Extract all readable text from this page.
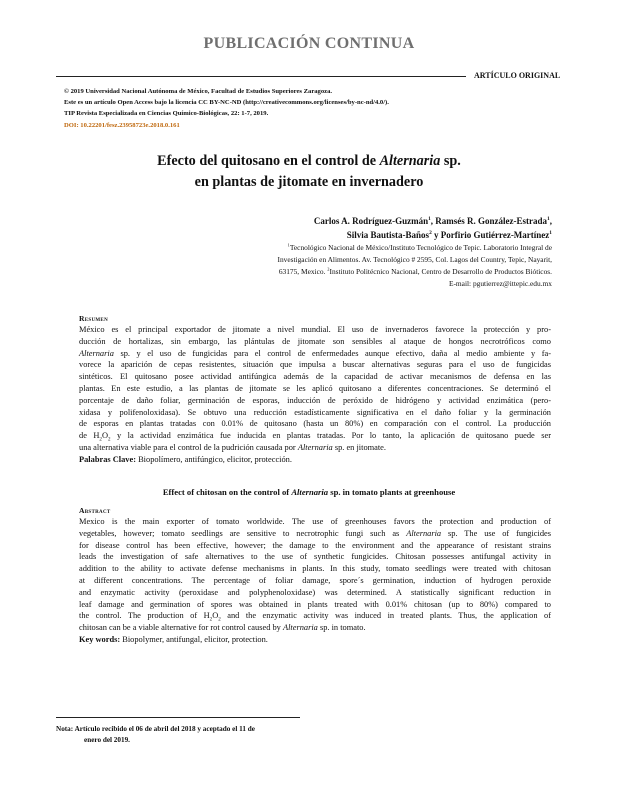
PUBLICACIÓN CONTINUA
ARTÍCULO ORIGINAL
© 2019 Universidad Nacional Autónoma de México, Facultad de Estudios Superiores Zaragoza.
Este es un artículo Open Access bajo la licencia CC BY-NC-ND (http://creativecommons.org/licenses/by-nc-nd/4.0/).
TIP Revista Especializada en Ciencias Químico-Biológicas, 22: 1-7, 2019.
DOI: 10.22201/fesz.23958723e.2018.0.161
Efecto del quitosano en el control de Alternaria sp.
en plantas de jitomate en invernadero
Carlos A. Rodríguez-Guzmán$^1$, Ramsés R. González-Estrada$^1$,
Silvia Bautista-Baños$^2$ y Porfirio Gutiérrez-Martínez$^1$
$^1$Tecnológico Nacional de México/Instituto Tecnológico de Tepic. Laboratorio Integral de
Investigación en Alimentos. Av. Tecnológico # 2595, Col. Lagos del Country, Tepic, Nayarit,
63175, Mexico. $^2$Instituto Politécnico Nacional, Centro de Desarrollo de Productos Bióticos.
E-mail: pgutierrez@ittepic.edu.mx
Resumen
México es el principal exportador de jitomate a nivel mundial. El uso de invernaderos favorece la protección y pro-
ducción de hortalizas, sin embargo, las plántulas de jitomate son sensibles al ataque de hongos necrotróficos como
Alternaria sp. y el uso de fungicidas para el control de enfermedades aunque efectivo, daña al medio ambiente y fa-
vorece la aparición de cepas resistentes, situación que impulsa a buscar alternativas seguras para el uso de fungicidas
sintéticos. El quitosano posee actividad antifúngica además de la capacidad de activar mecanismos de defensa en las
plantas. En este estudio, a las plantas de jitomate se les aplicó quitosano a diferentes concentraciones. Se determinó el
porcentaje de daño foliar, germinación de esporas, inducción de peróxido de hidrógeno y actividad enzimática (pero-
xidasa y polifenoloxidasa). Se obtuvo una reducción estadísticamente significativa en el daño foliar y la germinación
de esporas en plantas tratadas con 0.01% de quitosano (hasta un 80%) en comparación con el control. La producción
de $H_2O_2$ y la actividad enzimática fue inducida en plantas tratadas. Por lo tanto, la aplicación de quitosano puede ser
una alternativa viable para el control de la pudrición causada por Alternaria sp. en jitomate.
Palabras Clave: Biopolímero, antifúngico, elicitor, protección.
Effect of chitosan on the control of Alternaria sp. in tomato plants at greenhouse
Abstract
Mexico is the main exporter of tomato worldwide. The use of greenhouses favors the protection and production of
vegetables, however; tomato seedlings are sensitive to necrotrophic fungi such as Alternaria sp. The use of fungicides
for disease control has been effective, however; the damage to the environment and the appearance of resistant strains
leads the investigation of safe alternatives to the use of synthetic fungicides. Chitosan possesses antifungal activity in
addition to the ability to activate defense mechanisms in plants. In this study, tomato seedlings were treated with chitosan
at different concentrations. The percentage of foliar damage, spore´s germination, induction of hydrogen peroxide
and enzymatic activity (peroxidase and polyphenoloxidase) was determined. A statistically significant reduction in
leaf damage and germination of spores was obtained in plants treated with 0.01% chitosan (up to 80%) compared to
the control. The production of $H_2O_2$ and the enzymatic activity was induced in treated plants. Thus, the application of
chitosan can be a viable alternative for rot control caused by Alternaria sp. in tomato.
Key words: Biopolymer, antifungal, elicitor, protection.
Nota: Artículo recibido el 06 de abril del 2018 y aceptado el 11 de
enero del 2019.
